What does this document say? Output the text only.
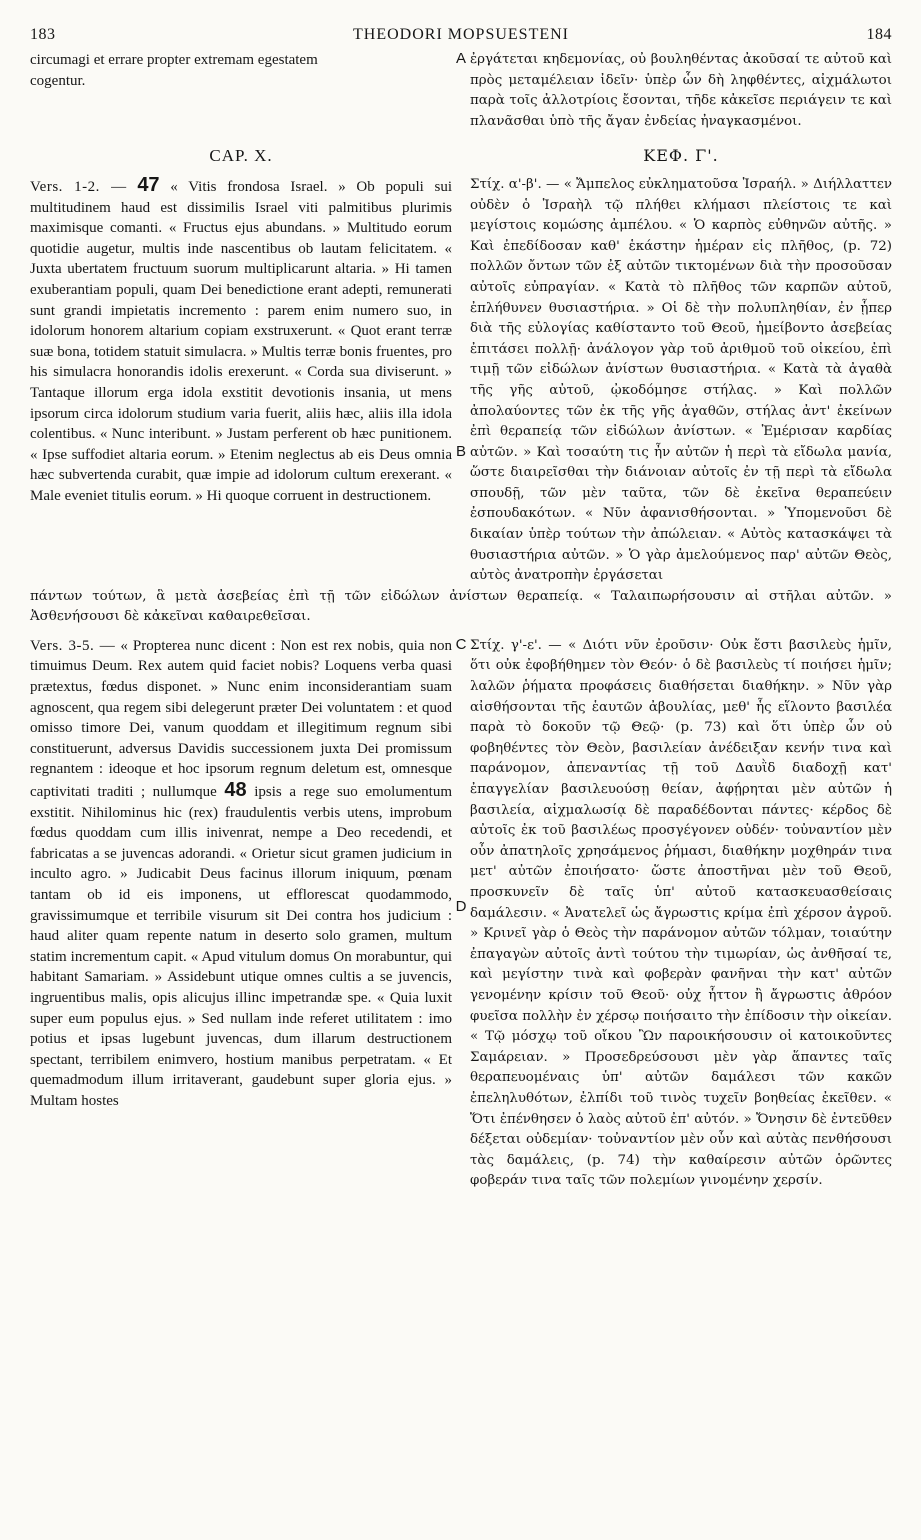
183	THEODORI MOPSUESTENI	184

circumagi et errare propter extremam egestatem
cogentur.

A ἐργάτεται κηδεμονίας, οὐ βουληθέντας ἀκοῦσαί τε αὐτοῦ καὶ πρὸς μεταμέλειαν ἰδεῖν· ὑπὲρ ὧν δὴ ληφθέντες, αἰχμάλωτοι παρὰ τοῖς ἀλλοτρίοις ἔσονται, τῆδε κἀκεῖσε περιάγειν τε καὶ πλανᾶσθαι ὑπὸ τῆς ἄγαν ἐνδείας ἠναγκασμένοι.

CAP. X.	ΚΕΦ. Γ'.

Vers. 1-2. — 47 « Vitis frondosa Israel. » Ob populi sui multitudinem haud est dissimilis Israel viti palmitibus plurimis maximisque comanti. « Fructus ejus abundans. » Multitudo eorum quotidie augetur, multis inde nascentibus ob lautam felicitatem. « Juxta ubertatem fructuum suorum multiplicarunt altaria. » Hi tamen exuberantiam populi, quam Dei benedictione erant adepti, remunerati sunt grandi impietatis incremento : parem enim numero suo, in idolorum honorem altarium copiam exstruxerunt. « Quot erant terræ suæ bona, totidem statuit simulacra. » Multis terræ bonis fruentes, pro his simulacra honorandis idolis erexerunt. « Corda sua diviserunt. » Tantaque illorum erga idola exstitit devotionis insania, ut mens ipsorum circa idolorum studium varia fuerit, aliis hæc, aliis illa idola colentibus. « Nunc interibunt. » Justam perferent ob hæc punitionem. « Ipse suffodiet altaria eorum. » Etenim neglectus ab eis Deus omnia hæc subvertenda curabit, quæ impie ad idolorum cultum erexerant. « Male eveniet titulis eorum. » Hi quoque corruent in destructionem.

B

Στίχ. α'-β'. — « Ἄμπελος εὐκληματοῦσα Ἰσραήλ. » Διήλλαττεν οὐδὲν ὁ Ἰσραὴλ τῷ πλήθει κλήμασι πλείστοις τε καὶ μεγίστοις κομώσης ἀμπέλου. « Ὁ καρπὸς εὐθηνῶν αὐτῆς. » Καὶ ἐπεδίδοσαν καθ' ἑκάστην ἡμέραν εἰς πλῆθος, (p. 72) πολλῶν ὄντων τῶν ἐξ αὐτῶν τικτομένων διὰ τὴν προσοῦσαν αὐτοῖς εὐπραγίαν. « Κατὰ τὸ πλῆθος τῶν καρπῶν αὐτοῦ, ἐπλήθυνεν θυσιαστήρια. » Οἱ δὲ τὴν πολυπληθίαν, ἐν ᾗπερ διὰ τῆς εὐλογίας καθίσταντο τοῦ Θεοῦ, ἠμείβοντο ἀσεβείας ἐπιτάσει πολλῇ· ἀνάλογον γὰρ τοῦ ἀριθμοῦ τοῦ οἰκείου, ἐπὶ τιμῇ τῶν εἰδώλων ἀνίστων θυσιαστήρια. « Κατὰ τὰ ἀγαθὰ τῆς γῆς αὐτοῦ, ᾠκοδόμησε στήλας. » Καὶ πολλῶν ἀπολαύοντες τῶν ἐκ τῆς γῆς ἀγαθῶν, στήλας ἀντ' ἐκείνων ἐπὶ θεραπείᾳ τῶν εἰδώλων ἀνίστων. « Ἐμέρισαν καρδίας αὐτῶν. » Καὶ τοσαύτη τις ἦν αὐτῶν ἡ περὶ τὰ εἴδωλα μανία, ὥστε διαιρεῖσθαι τὴν διάνοιαν αὐτοῖς ἐν τῇ περὶ τὰ εἴδωλα σπουδῇ, τῶν μὲν ταῦτα, τῶν δὲ ἐκεῖνα θεραπεύειν ἐσπουδακότων. « Νῦν ἀφανισθήσονται. » Ὑπομενοῦσι δὲ δικαίαν ὑπὲρ τούτων τὴν ἀπώλειαν. « Αὐτὸς κατασκάψει τὰ θυσιαστήρια αὐτῶν. » Ὁ γὰρ ἀμελούμενος παρ' αὐτῶν Θεὸς, αὐτὸς ἀνατροπὴν ἐργάσεται

πάντων τούτων, ἃ μετὰ ἀσεβείας ἐπὶ τῇ τῶν εἰδώλων ἀνίστων θεραπείᾳ. « Ταλαιπωρήσουσιν αἱ στῆλαι αὐτῶν. » Ἀσθενήσουσι δὲ κἀκεῖναι καθαιρεθεῖσαι.

Vers. 3-5. — « Propterea nunc dicent : Non est rex nobis, quia non timuimus Deum. Rex autem quid faciet nobis? Loquens verba quasi prætextus, fœdus disponet. » Nunc enim inconsiderantiam suam agnoscent, qua regem sibi delegerunt præter Dei voluntatem : et quod omisso timore Dei, vanum quoddam et illegitimum regnum sibi constituerunt, adversus Davidis successionem juxta Dei promissum regnantem : ideoque et hoc ipsorum regnum deletum est, omnesque captivitati traditi ; nullumque 48 ipsis a rege suo emolumentum exstitit. Nihilominus hic (rex) fraudulentis verbis utens, improbum fœdus quoddam cum illis inivenrat, nempe a Deo recedendi, et fabricatas a se juvencas adorandi. « Orietur sicut gramen judicium in inculto agro. » Judicabit Deus facinus illorum iniquum, pœnam tantam ob id eis imponens, ut efflorescat quodammodo, gravissimumque et terribile visurum sit Dei contra hos judicium : haud aliter quam repente natum in deserto solo gramen, multum statim incrementum capit. « Apud vitulum domus On morabuntur, qui habitant Samariam. » Assidebunt utique omnes cultis a se juvencis, ingruentibus malis, opis alicujus illinc impetrandæ spe. « Quia luxit super eum populus ejus. » Sed nullam inde referet utilitatem : imo potius et ipsas lugebunt juvencas, dum illarum destructionem spectant, terribilem enimvero, hostium manibus perpetratam. « Et quemadmodum illum irritaverant, gaudebunt super gloria ejus. » Multam hostes

C
D

Στίχ. γ'-ε'. — « Διότι νῦν ἐροῦσιν· Οὐκ ἔστι βασιλεὺς ἡμῖν, ὅτι οὐκ ἐφοβήθημεν τὸν Θεόν· ὁ δὲ βασιλεὺς τί ποιήσει ἡμῖν; λαλῶν ῥήματα προφάσεις διαθήσεται διαθήκην. » Νῦν γὰρ αἰσθήσονται τῆς ἑαυτῶν ἀβουλίας, μεθ' ἧς εἵλοντο βασιλέα παρὰ τὸ δοκοῦν τῷ Θεῷ· (p. 73) καὶ ὅτι ὑπὲρ ὧν οὐ φοβηθέντες τὸν Θεὸν, βασιλείαν ἀνέδειξαν κενήν τινα καὶ παράνομον, ἀπεναντίας τῇ τοῦ Δαυῒδ διαδοχῇ κατ' ἐπαγγελίαν βασιλευούσῃ θείαν, ἀφῄρηται μὲν αὐτῶν ἡ βασιλεία, αἰχμαλωσίᾳ δὲ παραδέδονται πάντες· κέρδος δὲ αὐτοῖς ἐκ τοῦ βασιλέως προσγέγονεν οὐδέν· τοὐναντίον μὲν οὖν ἀπατηλοῖς χρησάμενος ῥήμασι, διαθήκην μοχθηράν τινα μετ' αὐτῶν ἐποιήσατο· ὥστε ἀποστῆναι μὲν τοῦ Θεοῦ, προσκυνεῖν δὲ ταῖς ὑπ' αὐτοῦ κατασκευασθείσαις δαμάλεσιν. « Ἀνατελεῖ ὡς ἄγρωστις κρίμα ἐπὶ χέρσον ἀγροῦ. » Κρινεῖ γὰρ ὁ Θεὸς τὴν παράνομον αὐτῶν τόλμαν, τοιαύτην ἐπαγαγὼν αὐτοῖς ἀντὶ τούτου τὴν τιμωρίαν, ὡς ἀνθῆσαί τε, καὶ μεγίστην τινὰ καὶ φοβερὰν φανῆναι τὴν κατ' αὐτῶν γενομένην κρίσιν τοῦ Θεοῦ· οὐχ ἧττον ἢ ἄγρωστις ἀθρόον φυεῖσα πολλὴν ἐν χέρσῳ ποιήσαιτο τὴν ἐπίδοσιν τὴν οἰκείαν. « Τῷ μόσχῳ τοῦ οἴκου Ὢν παροικήσουσιν οἱ κατοικοῦντες Σαμάρειαν. » Προσεδρεύσουσι μὲν γὰρ ἅπαντες ταῖς θεραπευομέναις ὑπ' αὐτῶν δαμάλεσι τῶν κακῶν ἐπεληλυθότων, ἐλπίδι τοῦ τινὸς τυχεῖν βοηθείας ἐκεῖθεν. « Ὅτι ἐπένθησεν ὁ λαὸς αὐτοῦ ἐπ' αὐτόν. » Ὄνησιν δὲ ἐντεῦθεν δέξεται οὐδεμίαν· τοὐναντίον μὲν οὖν καὶ αὐτὰς πενθήσουσι τὰς δαμάλεις, (p. 74) τὴν καθαίρεσιν αὐτῶν ὁρῶντες φοβεράν τινα ταῖς τῶν πολεμίων γινομένην χερσίν.
